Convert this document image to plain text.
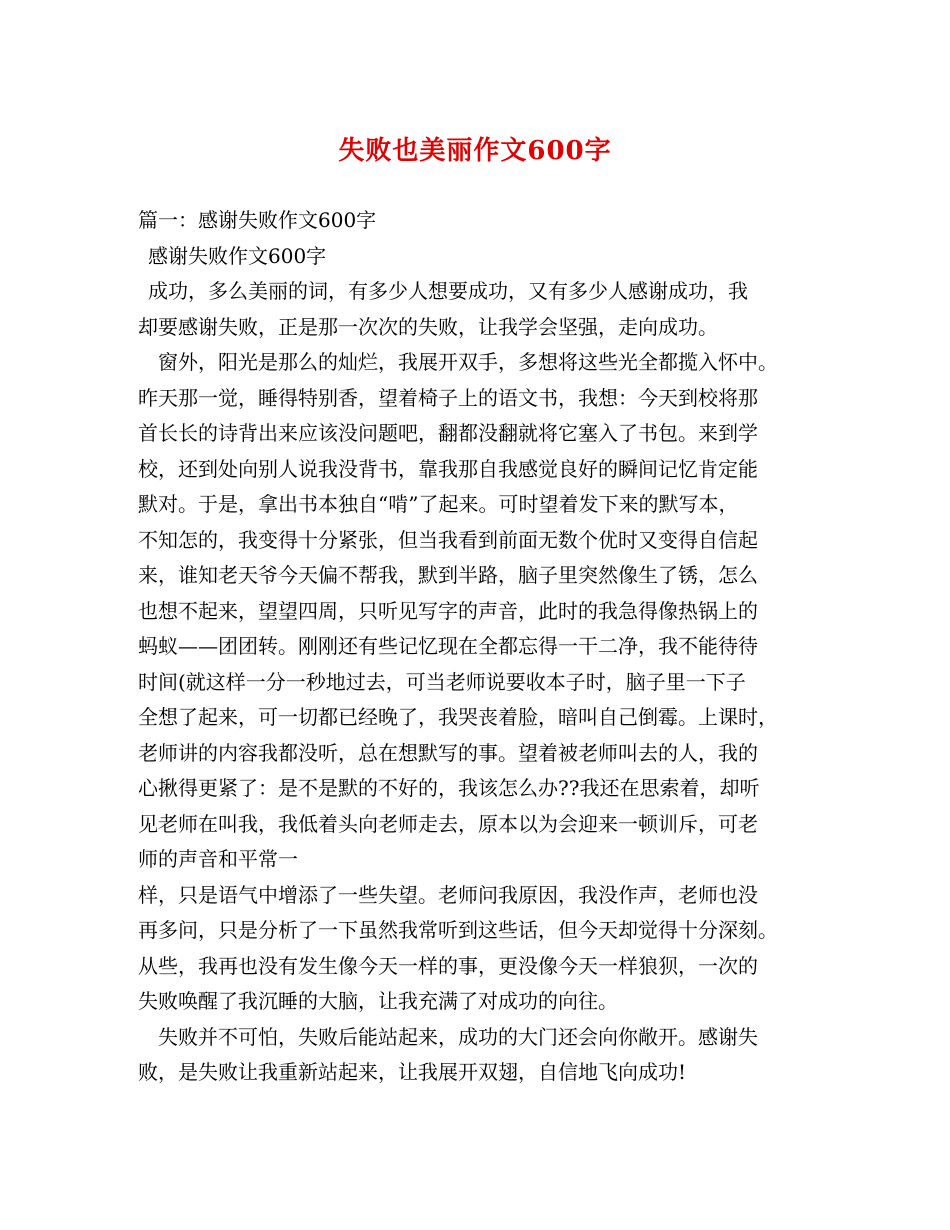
失败也美丽作文600字
篇一：感谢失败作文600字
感谢失败作文600字
成功，多么美丽的词，有多少人想要成功，又有多少人感谢成功，我
却要感谢失败，正是那一次次的失败，让我学会坚强，走向成功。
窗外，阳光是那么的灿烂，我展开双手，多想将这些光全都揽入怀中。
昨天那一觉，睡得特别香，望着椅子上的语文书，我想：今天到校将那
首长长的诗背出来应该没问题吧，翻都没翻就将它塞入了书包。来到学
校，还到处向别人说我没背书，靠我那自我感觉良好的瞬间记忆肯定能
默对。于是，拿出书本独自“啃”了起来。可时望着发下来的默写本，
不知怎的，我变得十分紧张，但当我看到前面无数个优时又变得自信起
来，谁知老天爷今天偏不帮我，默到半路，脑子里突然像生了锈，怎么
也想不起来，望望四周，只听见写字的声音，此时的我急得像热锅上的
蚂蚁——团团转。刚刚还有些记忆现在全都忘得一干二净，我不能待待
时间(就这样一分一秒地过去，可当老师说要收本子时，脑子里一下子
全想了起来，可一切都已经晚了，我哭丧着脸，暗叫自己倒霉。上课时，
老师讲的内容我都没听，总在想默写的事。望着被老师叫去的人，我的
心揪得更紧了：是不是默的不好的，我该怎么办??我还在思索着，却听
见老师在叫我，我低着头向老师走去，原本以为会迎来一顿训斥，可老
师的声音和平常一
样，只是语气中增添了一些失望。老师问我原因，我没作声，老师也没
再多问，只是分析了一下虽然我常听到这些话，但今天却觉得十分深刻。
从些，我再也没有发生像今天一样的事，更没像今天一样狼狈，一次的
失败唤醒了我沉睡的大脑，让我充满了对成功的向往。
失败并不可怕，失败后能站起来，成功的大门还会向你敞开。感谢失
败，是失败让我重新站起来，让我展开双翅，自信地飞向成功!
